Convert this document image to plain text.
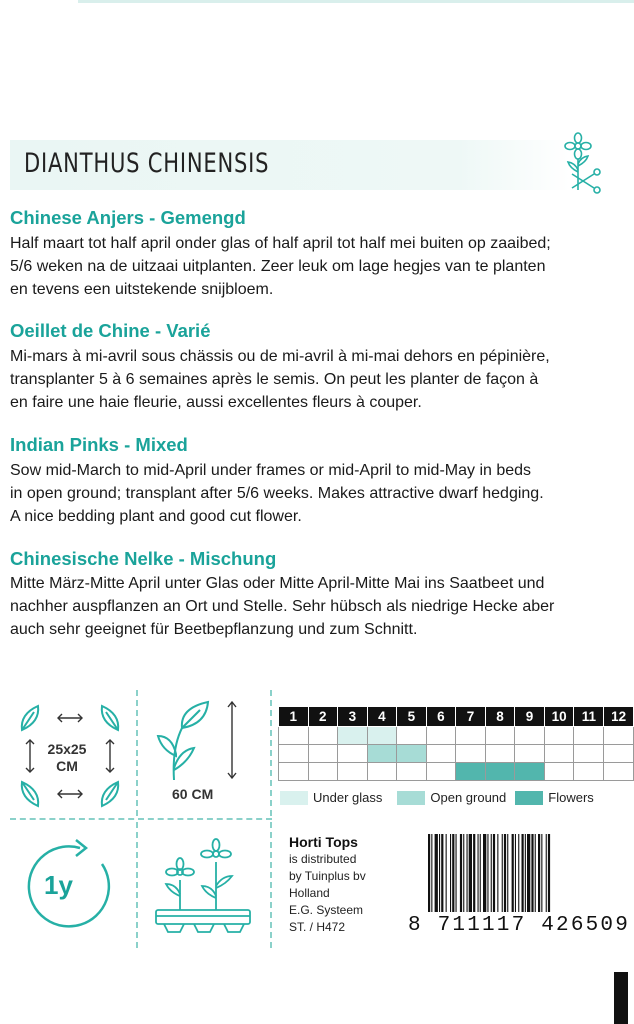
DIANTHUS CHINENSIS
Chinese Anjers - Gemengd

Half maart tot half april onder glas of half april tot half mei buiten op zaaibed;

5/6 weken na de uitzaai uitplanten. Zeer leuk om lage hegjes van te planten

en tevens een uitstekende snijbloem.

Oeillet de Chine - Varié

Mi-mars à mi-avril sous chässis ou de mi-avril à mi-mai dehors en pépinière,

transplanter 5 à 6 semaines après le semis. On peut les planter de façon à

en faire une haie fleurie, aussi excellentes fleurs à couper.

Indian Pinks - Mixed

Sow mid-March to mid-April under frames or mid-April to mid-May in beds

in open ground; transplant after 5/6 weeks. Makes attractive dwarf hedging.

A nice bedding plant and good cut flower.

Chinesische Nelke - Mischung

Mitte März-Mitte April unter Glas oder Mitte April-Mitte Mai ins Saatbeet und

nachher auspflanzen an Ort und Stelle. Sehr hübsch als niedrige Hecke aber

auch sehr geeignet für Beetbepflanzung und zum Schnitt.

25x25
CM
60 CM
1y
1	2	3	4	5	6	7	8	9	10	11	12

Under glass	Open ground	Flowers
Horti Tops
is distributed
by Tuinplus bv
Holland
E.G. Systeem
ST. / H472	8 711117 426509
